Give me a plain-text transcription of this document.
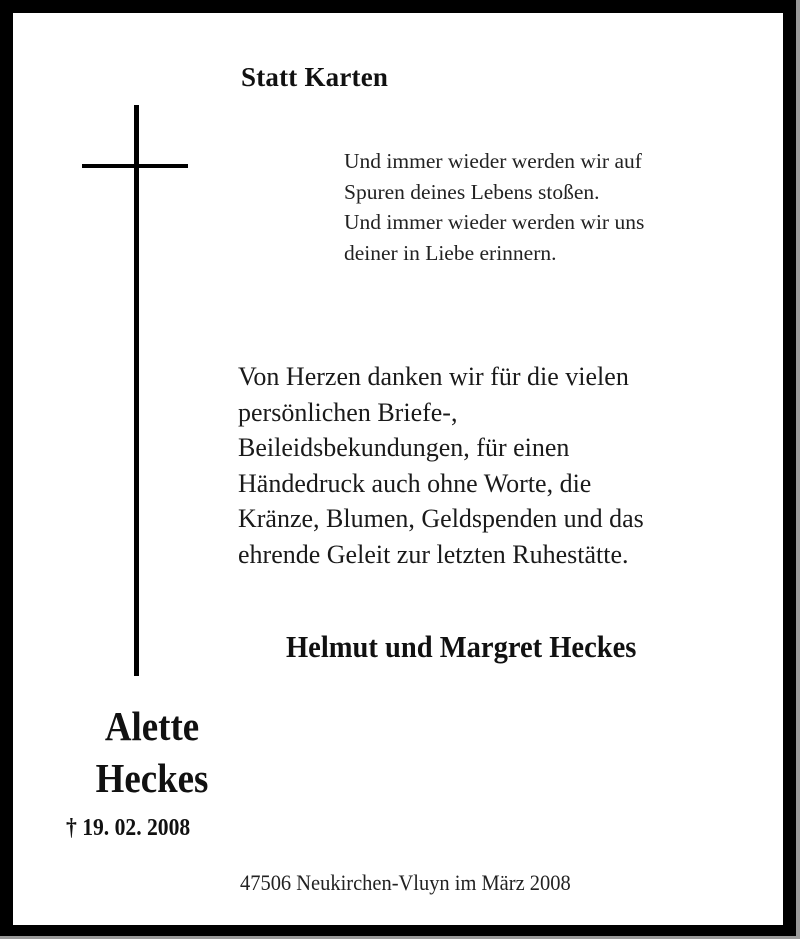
Statt Karten
Und immer wieder werden wir auf
Spuren deines Lebens stoßen.
Und immer wieder werden wir uns
deiner in Liebe erinnern.
Von Herzen danken wir für die vielen
persönlichen Briefe-,
Beileidsbekundungen, für einen
Händedruck auch ohne Worte, die
Kränze, Blumen, Geldspenden und das
ehrende Geleit zur letzten Ruhestätte.
Helmut und Margret Heckes
Alette
Heckes
† 19. 02. 2008
47506 Neukirchen-Vluyn im März 2008
